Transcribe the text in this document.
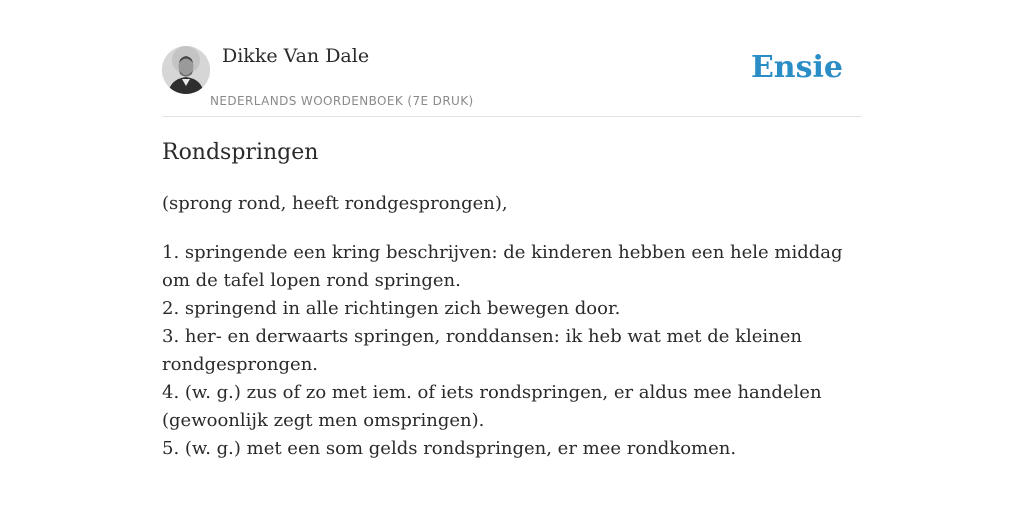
Dikke Van Dale
NEDERLANDS WOORDENBOEK (7E DRUK)
Ensie
Rondspringen

(sprong rond, heeft rondgesprongen),

1. springende een kring beschrijven: de kinderen hebben een hele middag om de tafel lopen rond springen.

2. springend in alle richtingen zich bewegen door.

3. her- en derwaarts springen, ronddansen: ik heb wat met de kleinen rondgesprongen.

4. (w. g.) zus of zo met iem. of iets rondspringen, er aldus mee handelen (gewoonlijk zegt men omspringen).

5. (w. g.) met een som gelds rondspringen, er mee rondkomen.
